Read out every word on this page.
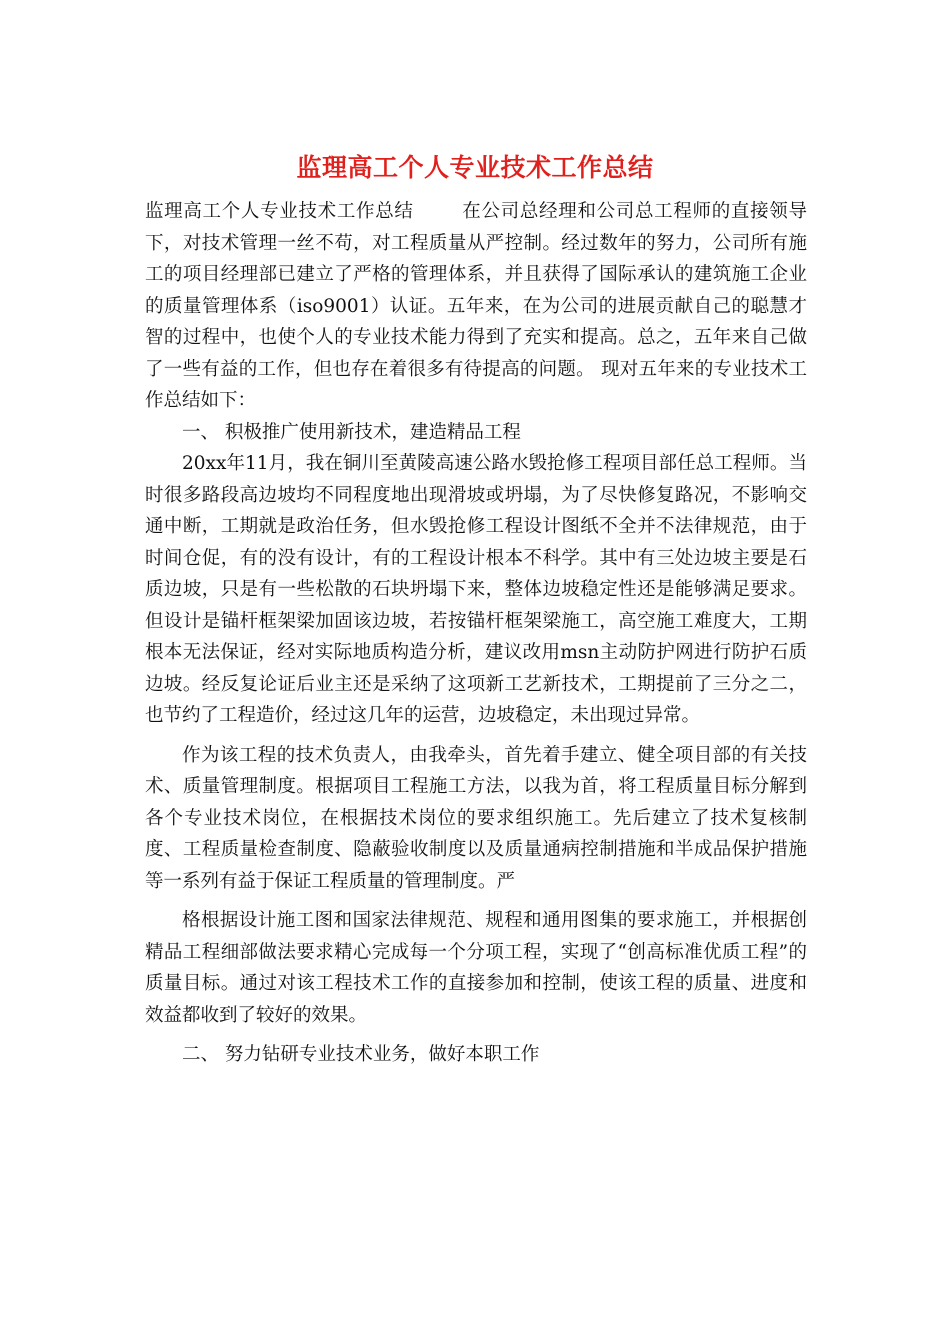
监理高工个人专业技术工作总结

监理高工个人专业技术工作总结	在公司总经理和公司总工程师的直接领导下，对技术管理一丝不苟，对工程质量从严控制。经过数年的努力，公司所有施工的项目经理部已建立了严格的管理体系，并且获得了国际承认的建筑施工企业的质量管理体系（iso9001）认证。五年来，在为公司的进展贡献自己的聪慧才智的过程中，也使个人的专业技术能力得到了充实和提高。总之，五年来自己做了一些有益的工作，但也存在着很多有待提高的问题。 现对五年来的专业技术工作总结如下：

一、 积极推广使用新技术，建造精品工程

20xx年11月，我在铜川至黄陵高速公路水毁抢修工程项目部任总工程师。当时很多路段高边坡均不同程度地出现滑坡或坍塌，为了尽快修复路况，不影响交通中断，工期就是政治任务，但水毁抢修工程设计图纸不全并不法律规范，由于时间仓促，有的没有设计，有的工程设计根本不科学。其中有三处边坡主要是石质边坡，只是有一些松散的石块坍塌下来，整体边坡稳定性还是能够满足要求。但设计是锚杆框架梁加固该边坡，若按锚杆框架梁施工，高空施工难度大，工期根本无法保证，经对实际地质构造分析，建议改用msn主动防护网进行防护石质边坡。经反复论证后业主还是采纳了这项新工艺新技术，工期提前了三分之二，也节约了工程造价，经过这几年的运营，边坡稳定，未出现过异常。

作为该工程的技术负责人，由我牵头，首先着手建立、健全项目部的有关技术、质量管理制度。根据项目工程施工方法，以我为首，将工程质量目标分解到各个专业技术岗位，在根据技术岗位的要求组织施工。先后建立了技术复核制度、工程质量检查制度、隐蔽验收制度以及质量通病控制措施和半成品保护措施等一系列有益于保证工程质量的管理制度。严

格根据设计施工图和国家法律规范、规程和通用图集的要求施工，并根据创精品工程细部做法要求精心完成每一个分项工程，实现了“创高标准优质工程”的质量目标。通过对该工程技术工作的直接参加和控制，使该工程的质量、进度和效益都收到了较好的效果。

二、 努力钻研专业技术业务，做好本职工作
